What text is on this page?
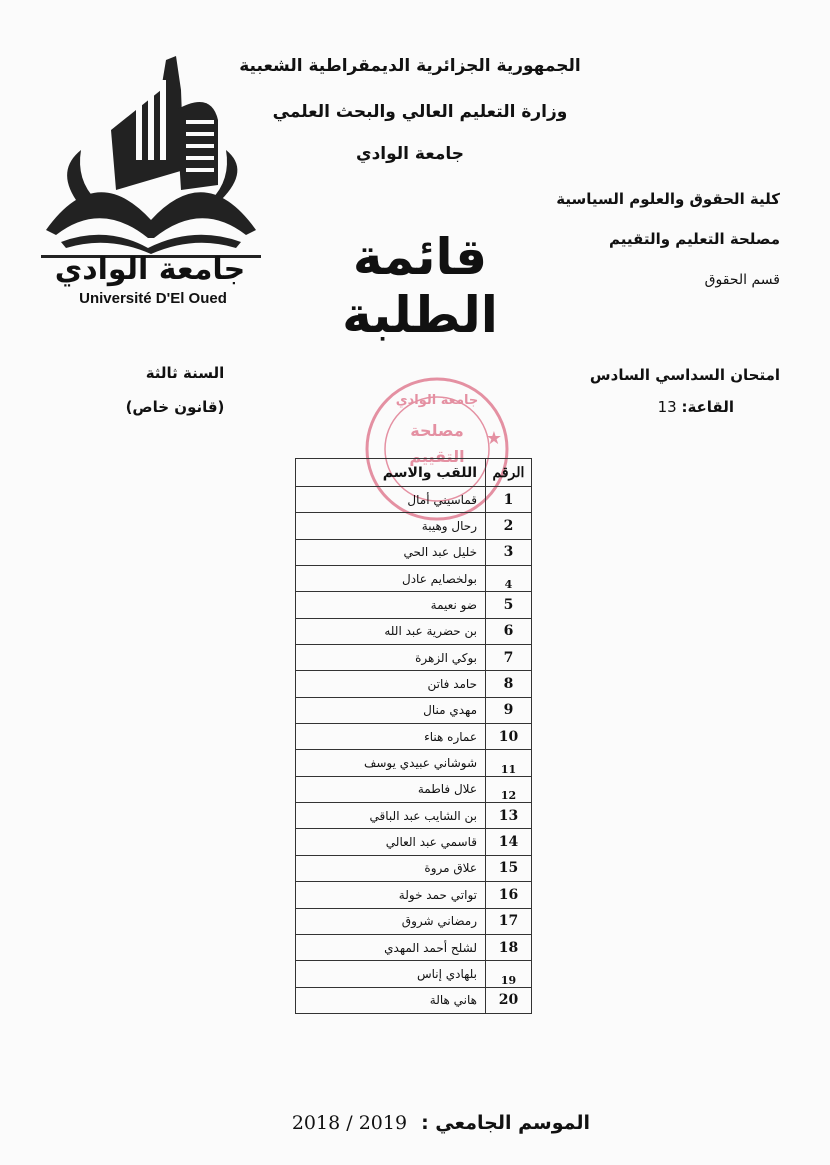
الجمهورية الجزائرية الديمقراطية الشعبية
وزارة التعليم العالي والبحث العلمي
جامعة الوادي
كلية الحقوق والعلوم السياسية
مصلحة التعليم والتقييم
قسم الحقوق
قائمة الطلبة
جامعة الوادي
Université D'El Oued
امتحان السداسي السادس
القاعة: 13
السنة ثالثة
(قانون خاص)	جامعة الوادي
مصلحة
التقييم
★
الرقم	اللقب والاسم
1	قماسيني أمال
2	رحال وهيبة
3	خليل عبد الحي
4	بولخصايم عادل
5	ضو نعيمة
6	بن حضرية عبد الله
7	بوكي الزهرة
8	حامد فاتن
9	مهدي منال
10	عماره هناء
11	شوشاني عبيدي يوسف
12	علال فاطمة
13	بن الشايب عبد الباقي
14	قاسمي عبد العالي
15	علاق مروة
16	تواتي حمد خولة
17	رمضاني شروق
18	لشلح أحمد المهدي
19	بلهادي إناس
20	هاني هالة
الموسم الجامعي : 2019 / 2018
